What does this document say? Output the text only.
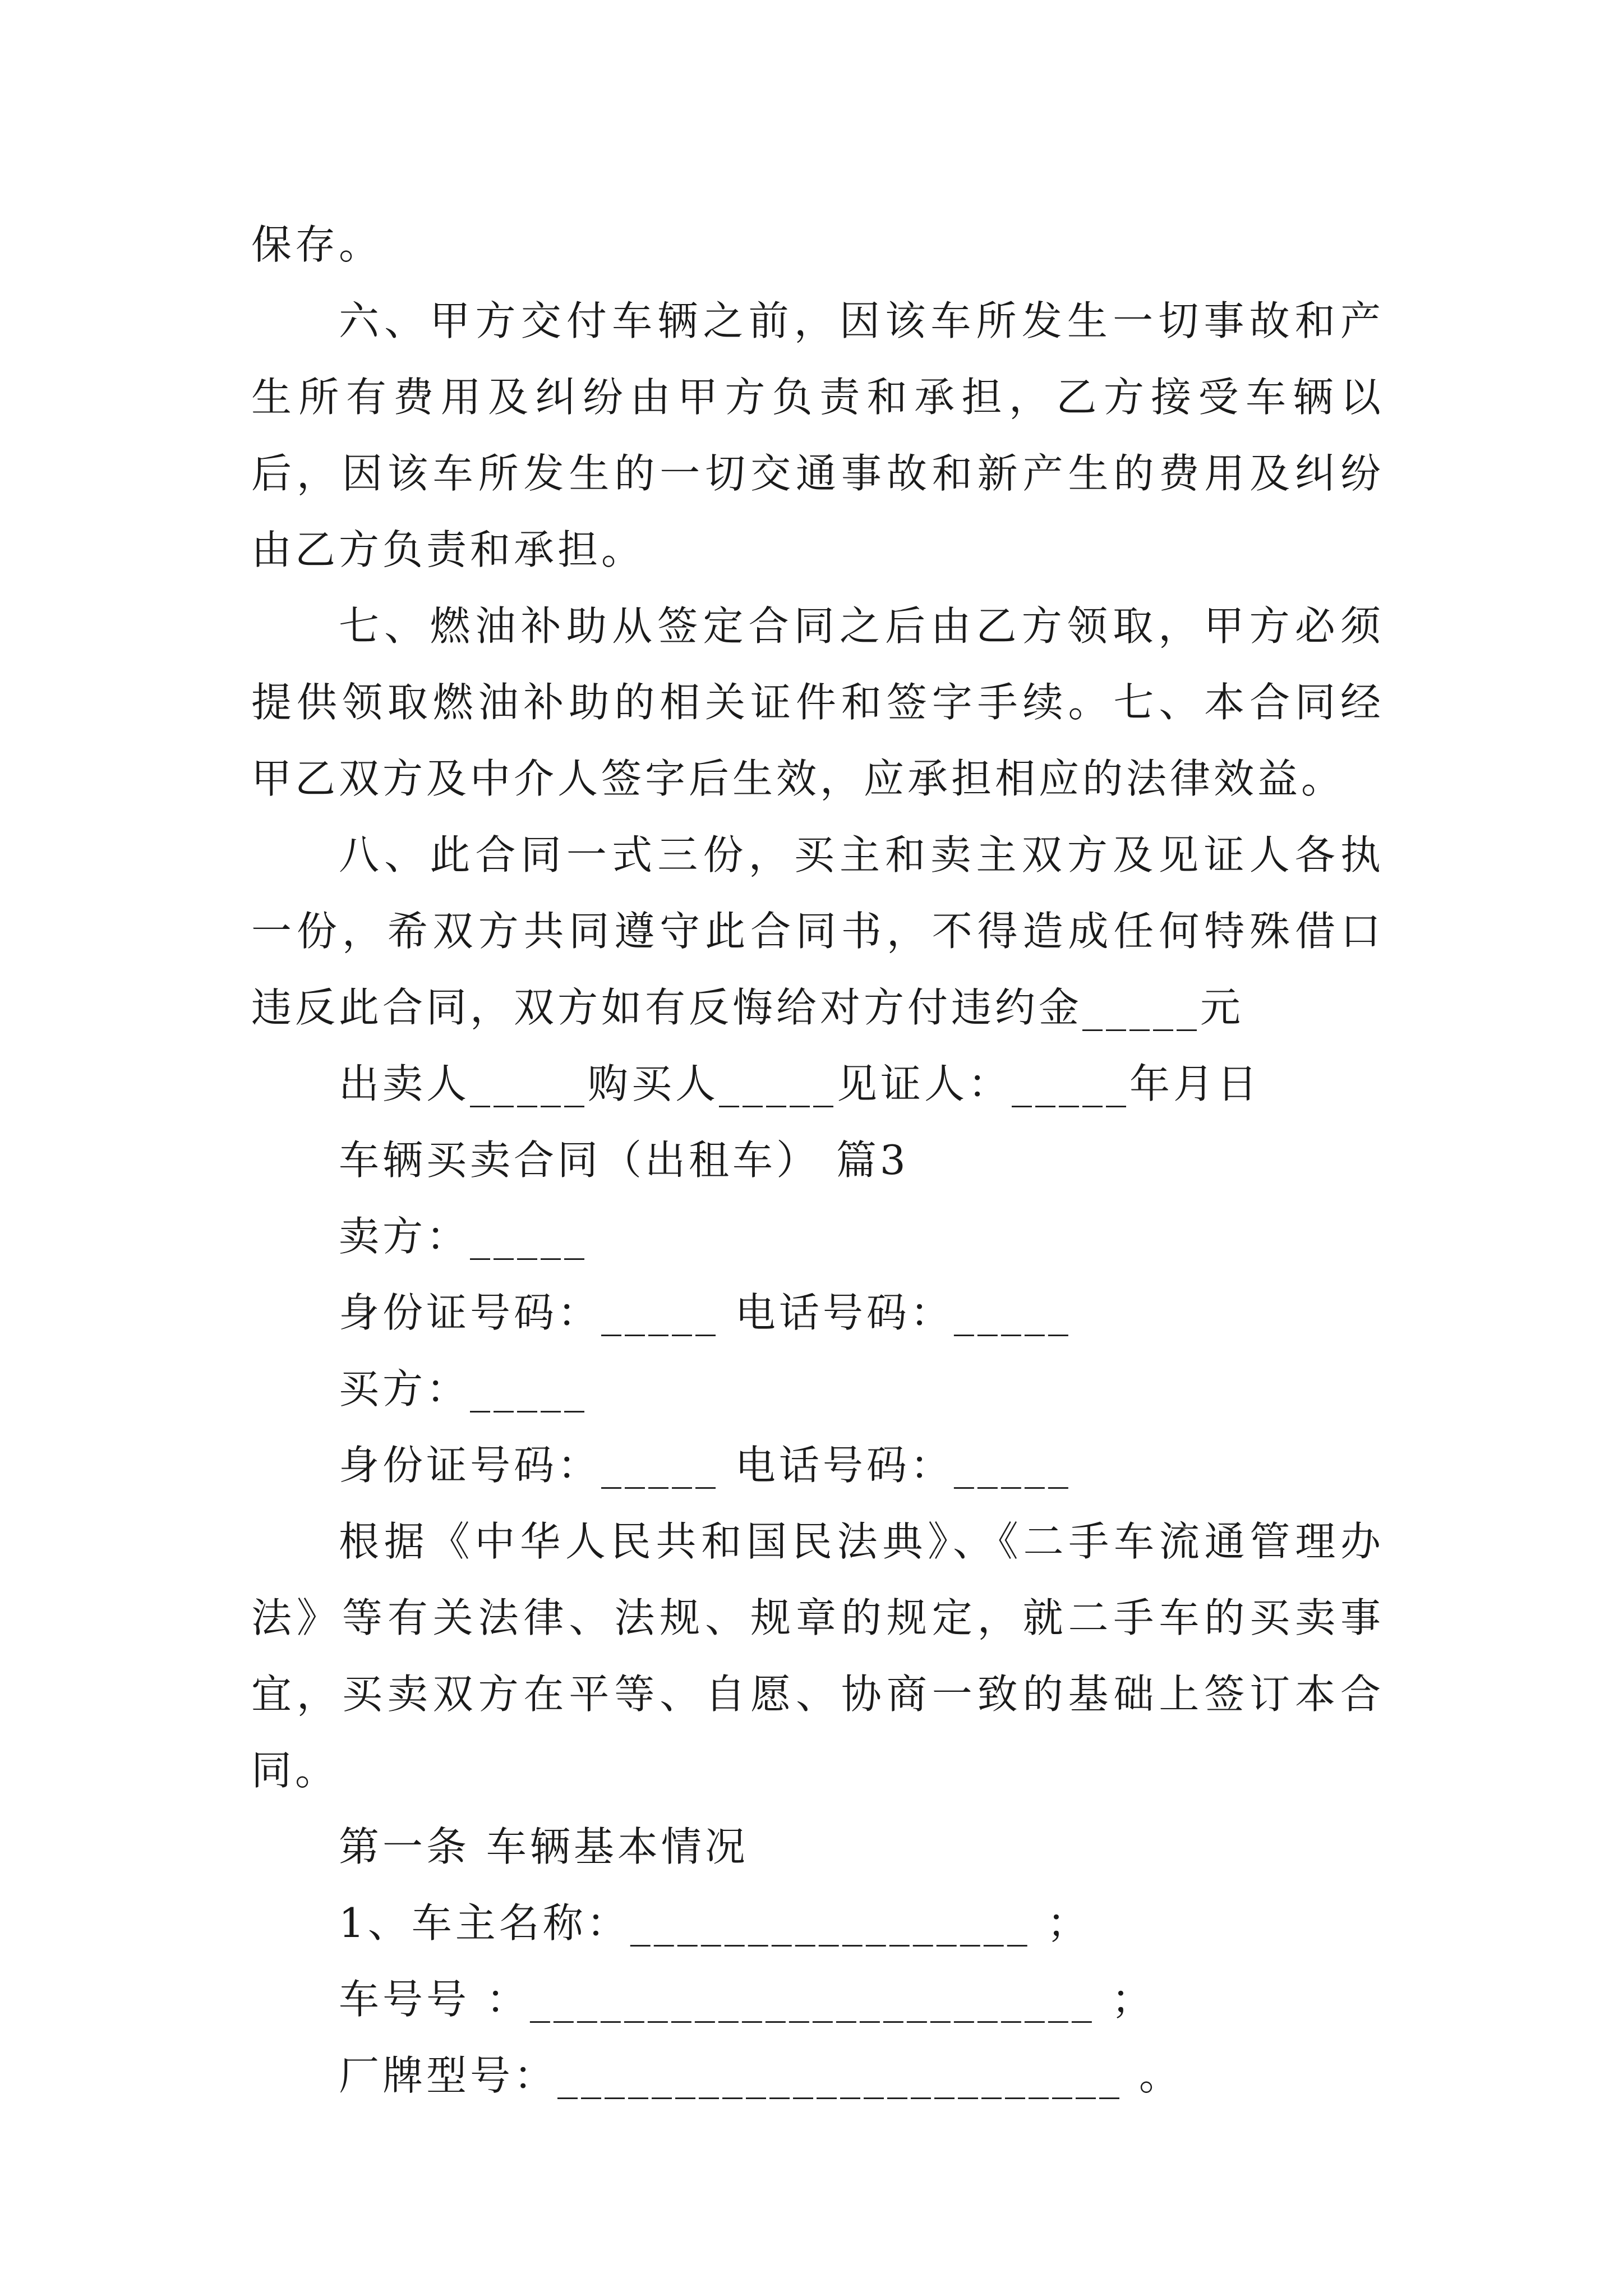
保存。

六、甲方交付车辆之前，因该车所发生一切事故和产生所有费用及纠纷由甲方负责和承担，乙方接受车辆以后，因该车所发生的一切交通事故和新产生的费用及纠纷由乙方负责和承担。

七、燃油补助从签定合同之后由乙方领取，甲方必须提供领取燃油补助的相关证件和签字手续。七、本合同经甲乙双方及中介人签字后生效，应承担相应的法律效益。

八、此合同一式三份，买主和卖主双方及见证人各执一份，希双方共同遵守此合同书，不得造成任何特殊借口违反此合同，双方如有反悔给对方付违约金_____元

出卖人_____购买人_____见证人：_____年月日

车辆买卖合同（出租车） 篇3

卖方：_____

身份证号码：_____ 电话号码：_____

买方：_____

身份证号码：_____ 电话号码：_____

根据《中华人民共和国民法典》、《二手车流通管理办法》等有关法律、法规、规章的规定，就二手车的买卖事宜，买卖双方在平等、自愿、协商一致的基础上签订本合同。

第一条 车辆基本情况

1、车主名称：_________________ ；

车号号 ：________________________ ；

厂牌型号：________________________ 。
